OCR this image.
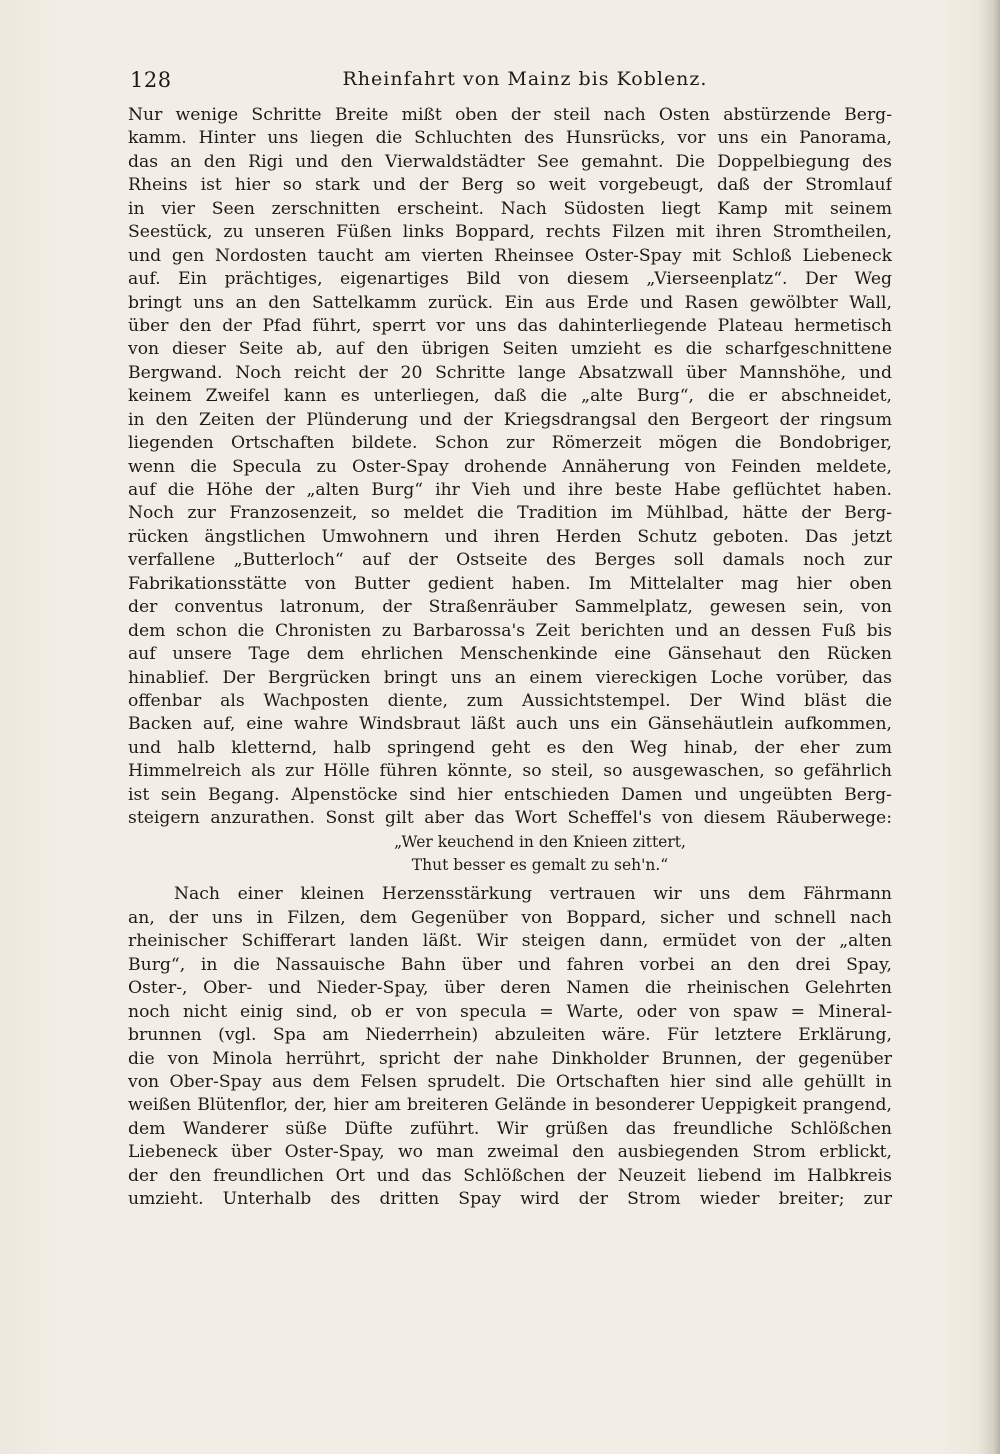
128	Rheinfahrt von Mainz bis Koblenz.
Nur wenige Schritte Breite mißt oben der steil nach Osten abstürzende Berg-
kamm. Hinter uns liegen die Schluchten des Hunsrücks, vor uns ein Panorama,
das an den Rigi und den Vierwaldstädter See gemahnt. Die Doppelbiegung des
Rheins ist hier so stark und der Berg so weit vorgebeugt, daß der Stromlauf
in vier Seen zerschnitten erscheint. Nach Südosten liegt Kamp mit seinem
Seestück, zu unseren Füßen links Boppard, rechts Filzen mit ihren Stromtheilen,
und gen Nordosten taucht am vierten Rheinsee Oster-Spay mit Schloß Liebeneck
auf. Ein prächtiges, eigenartiges Bild von diesem „Vierseenplatz“. Der Weg
bringt uns an den Sattelkamm zurück. Ein aus Erde und Rasen gewölbter Wall,
über den der Pfad führt, sperrt vor uns das dahinterliegende Plateau hermetisch
von dieser Seite ab, auf den übrigen Seiten umzieht es die scharfgeschnittene
Bergwand. Noch reicht der 20 Schritte lange Absatzwall über Mannshöhe, und
keinem Zweifel kann es unterliegen, daß die „alte Burg“, die er abschneidet,
in den Zeiten der Plünderung und der Kriegsdrangsal den Bergeort der ringsum
liegenden Ortschaften bildete. Schon zur Römerzeit mögen die Bondobriger,
wenn die Specula zu Oster-Spay drohende Annäherung von Feinden meldete,
auf die Höhe der „alten Burg“ ihr Vieh und ihre beste Habe geflüchtet haben.
Noch zur Franzosenzeit, so meldet die Tradition im Mühlbad, hätte der Berg-
rücken ängstlichen Umwohnern und ihren Herden Schutz geboten. Das jetzt
verfallene „Butterloch“ auf der Ostseite des Berges soll damals noch zur
Fabrikationsstätte von Butter gedient haben. Im Mittelalter mag hier oben
der conventus latronum, der Straßenräuber Sammelplatz, gewesen sein, von
dem schon die Chronisten zu Barbarossa's Zeit berichten und an dessen Fuß bis
auf unsere Tage dem ehrlichen Menschenkinde eine Gänsehaut den Rücken
hinablief. Der Bergrücken bringt uns an einem viereckigen Loche vorüber, das
offenbar als Wachposten diente, zum Aussichtstempel. Der Wind bläst die
Backen auf, eine wahre Windsbraut läßt auch uns ein Gänsehäutlein aufkommen,
und halb kletternd, halb springend geht es den Weg hinab, der eher zum
Himmelreich als zur Hölle führen könnte, so steil, so ausgewaschen, so gefährlich
ist sein Begang. Alpenstöcke sind hier entschieden Damen und ungeübten Berg-
steigern anzurathen. Sonst gilt aber das Wort Scheffel's von diesem Räuberwege:
„Wer keuchend in den Knieen zittert,
Thut besser es gemalt zu seh'n.“
Nach einer kleinen Herzensstärkung vertrauen wir uns dem Fährmann
an, der uns in Filzen, dem Gegenüber von Boppard, sicher und schnell nach
rheinischer Schifferart landen läßt. Wir steigen dann, ermüdet von der „alten
Burg“, in die Nassauische Bahn über und fahren vorbei an den drei Spay,
Oster-, Ober- und Nieder-Spay, über deren Namen die rheinischen Gelehrten
noch nicht einig sind, ob er von specula = Warte, oder von spaw = Mineral-
brunnen (vgl. Spa am Niederrhein) abzuleiten wäre. Für letztere Erklärung,
die von Minola herrührt, spricht der nahe Dinkholder Brunnen, der gegenüber
von Ober-Spay aus dem Felsen sprudelt. Die Ortschaften hier sind alle gehüllt in
weißen Blütenflor, der, hier am breiteren Gelände in besonderer Ueppigkeit prangend,
dem Wanderer süße Düfte zuführt. Wir grüßen das freundliche Schlößchen
Liebeneck über Oster-Spay, wo man zweimal den ausbiegenden Strom erblickt,
der den freundlichen Ort und das Schlößchen der Neuzeit liebend im Halbkreis
umzieht. Unterhalb des dritten Spay wird der Strom wieder breiter; zur
